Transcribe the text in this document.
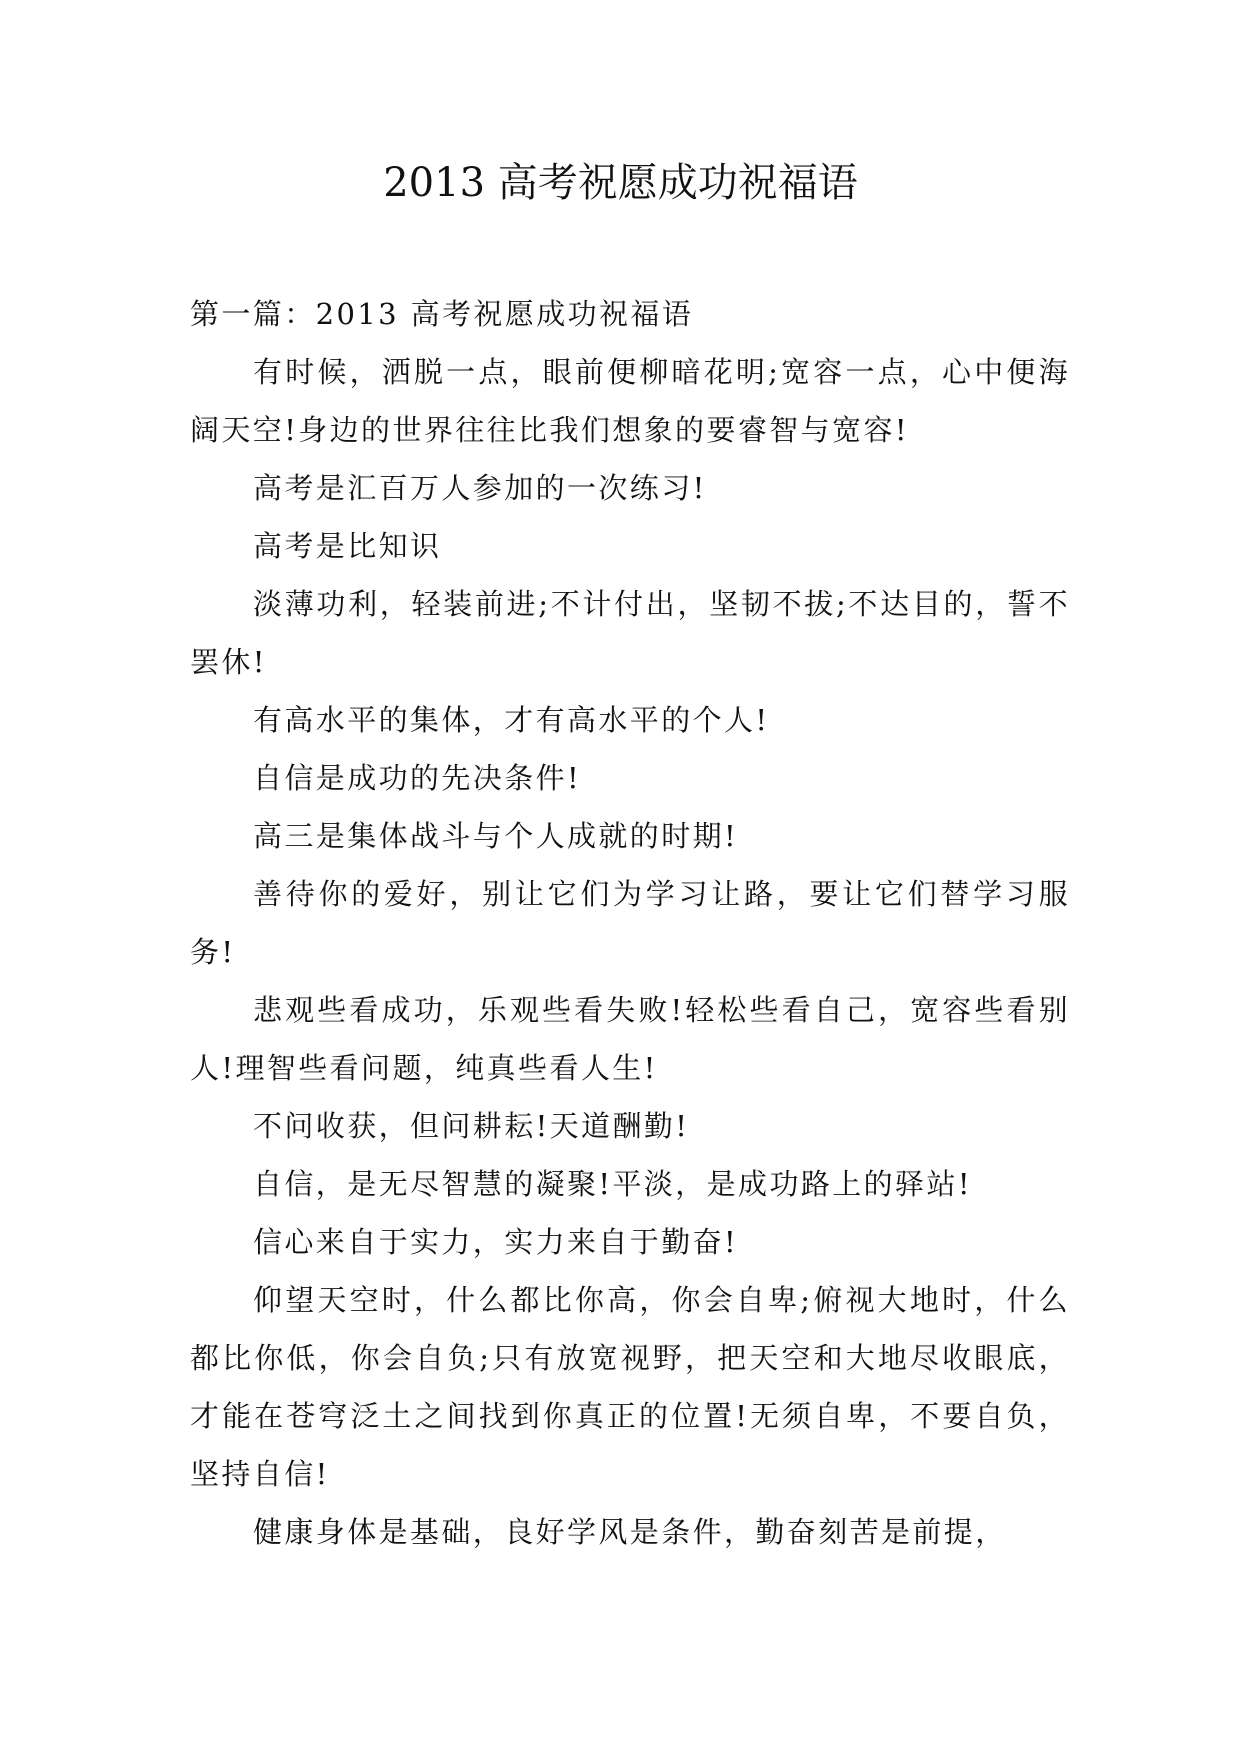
2013 高考祝愿成功祝福语

第一篇：2013 高考祝愿成功祝福语

有时候，洒脱一点，眼前便柳暗花明;宽容一点，心中便海阔天空!身边的世界往往比我们想象的要睿智与宽容!

高考是汇百万人参加的一次练习!

高考是比知识

淡薄功利，轻装前进;不计付出，坚韧不拔;不达目的，誓不罢休!

有高水平的集体，才有高水平的个人!

自信是成功的先决条件!

高三是集体战斗与个人成就的时期!

善待你的爱好，别让它们为学习让路，要让它们替学习服务!

悲观些看成功，乐观些看失败!轻松些看自己，宽容些看别人!理智些看问题，纯真些看人生!

不问收获，但问耕耘!天道酬勤!

自信，是无尽智慧的凝聚!平淡，是成功路上的驿站!

信心来自于实力，实力来自于勤奋!

仰望天空时，什么都比你高，你会自卑;俯视大地时，什么都比你低，你会自负;只有放宽视野，把天空和大地尽收眼底，才能在苍穹泛土之间找到你真正的位置!无须自卑，不要自负，坚持自信!

健康身体是基础，良好学风是条件，勤奋刻苦是前提，
